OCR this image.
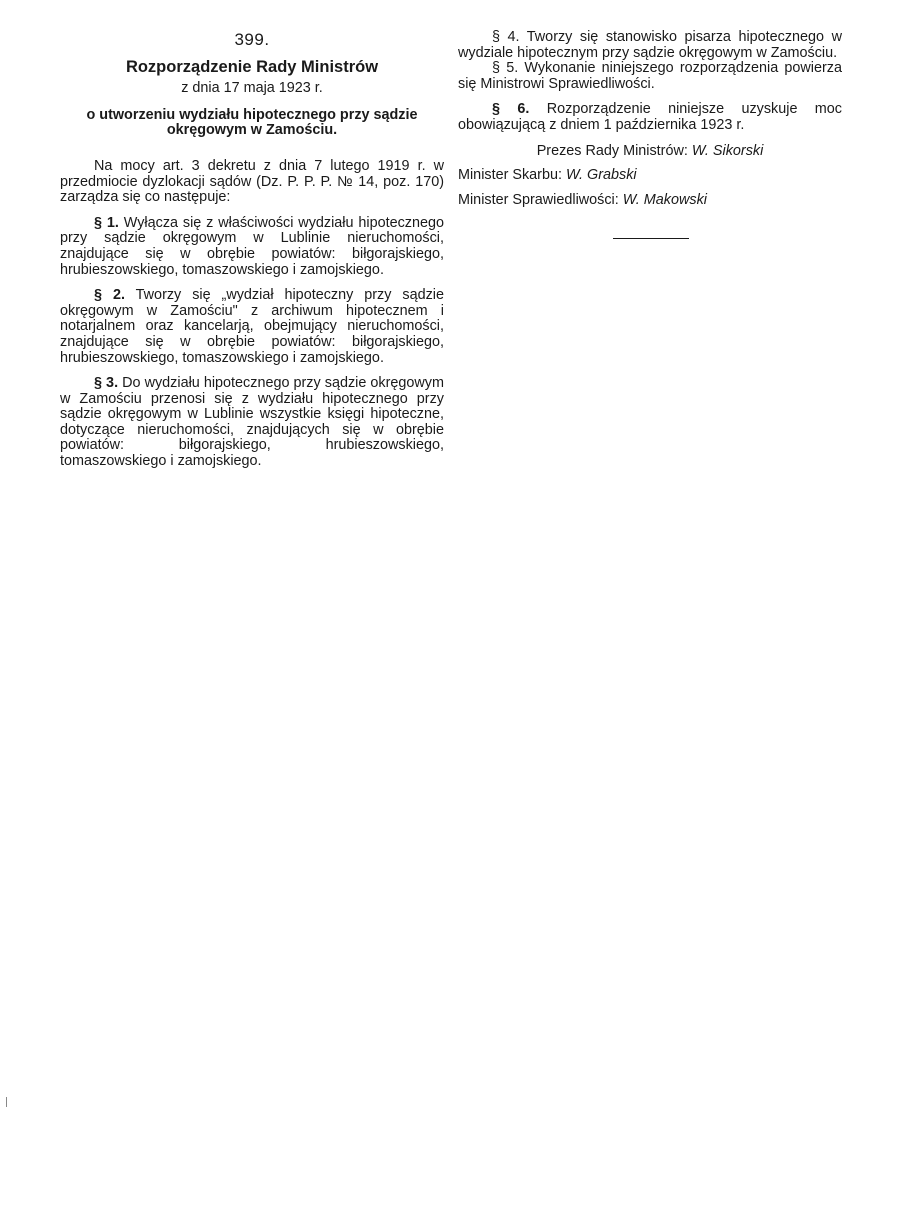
399.
Rozporządzenie Rady Ministrów
z dnia 17 maja 1923 r.
o utworzeniu wydziału hipotecznego przy sądzie okręgowym w Zamościu.

Na mocy art. 3 dekretu z dnia 7 lutego 1919 r. w przedmiocie dyzlokacji sądów (Dz. P. P. P. № 14, poz. 170) zarządza się co następuje:

§ 1. Wyłącza się z właściwości wydziału hipotecznego przy sądzie okręgowym w Lublinie nieruchomości, znajdujące się w obrębie powiatów: biłgorajskiego, hrubieszowskiego, tomaszowskiego i zamojskiego.

§ 2. Tworzy się „wydział hipoteczny przy sądzie okręgowym w Zamościu" z archiwum hipotecznem i notarjalnem oraz kancelarją, obejmujący nieruchomości, znajdujące się w obrębie powiatów: biłgorajskiego, hrubieszowskiego, tomaszowskiego i zamojskiego.

§ 3. Do wydziału hipotecznego przy sądzie okręgowym w Zamościu przenosi się z wydziału hipotecznego przy sądzie okręgowym w Lublinie wszystkie księgi hipoteczne, dotyczące nieruchomości, znajdujących się w obrębie powiatów: biłgorajskiego, hrubieszowskiego, tomaszowskiego i zamojskiego.

§ 4. Tworzy się stanowisko pisarza hipotecznego w wydziale hipotecznym przy sądzie okręgowym w Zamościu.

§ 5. Wykonanie niniejszego rozporządzenia powierza się Ministrowi Sprawiedliwości.

§ 6. Rozporządzenie niniejsze uzyskuje moc obowiązującą z dniem 1 października 1923 r.

Prezes Rady Ministrów: W. Sikorski
Minister Skarbu: W. Grabski
Minister Sprawiedliwości: W. Makowski
